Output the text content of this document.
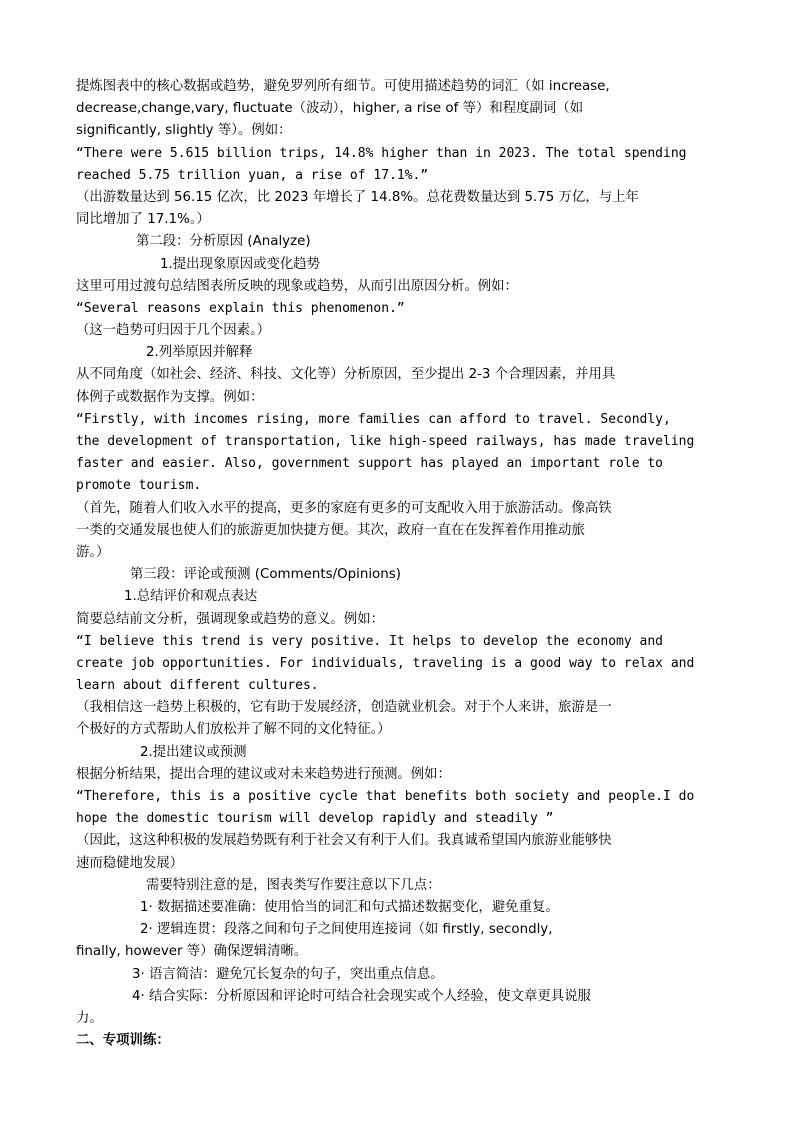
提炼图表中的核心数据或趋势，避免罗列所有细节。可使用描述趋势的词汇（如 increase,
decrease,change,vary, fluctuate（波动），higher, a rise of 等）和程度副词（如
significantly, slightly 等）。例如：
“There were 5.615 billion trips, 14.8% higher than in 2023. The total spending
reached 5.75 trillion yuan, a rise of 17.1%.”
（出游数量达到 56.15 亿次，比 2023 年增长了 14.8%。总花费数量达到 5.75 万亿，与上年
同比增加了 17.1%。）
第二段：分析原因 (Analyze)
1.提出现象原因或变化趋势
这里可用过渡句总结图表所反映的现象或趋势，从而引出原因分析。例如：
“Several reasons explain this phenomenon.”
（这一趋势可归因于几个因素。）
2.列举原因并解释
从不同角度（如社会、经济、科技、文化等）分析原因，至少提出 2-3 个合理因素，并用具
体例子或数据作为支撑。例如：
“Firstly, with incomes rising, more families can afford to travel. Secondly,
the development of transportation, like high-speed railways, has made traveling
faster and easier. Also, government support has played an important role to
promote tourism.
（首先，随着人们收入水平的提高，更多的家庭有更多的可支配收入用于旅游活动。像高铁
一类的交通发展也使人们的旅游更加快捷方便。其次，政府一直在在发挥着作用推动旅
游。）
第三段：评论或预测 (Comments/Opinions)
1.总结评价和观点表达
简要总结前文分析，强调现象或趋势的意义。例如：
“I believe this trend is very positive. It helps to develop the economy and
create job opportunities. For individuals, traveling is a good way to relax and
learn about different cultures.
（我相信这一趋势上积极的，它有助于发展经济，创造就业机会。对于个人来讲，旅游是一
个极好的方式帮助人们放松并了解不同的文化特征。）
2.提出建议或预测
根据分析结果，提出合理的建议或对未来趋势进行预测。例如：
“Therefore, this is a positive cycle that benefits both society and people.I do
hope the domestic tourism will develop rapidly and steadily ”
（因此，这这种积极的发展趋势既有利于社会又有利于人们。我真诚希望国内旅游业能够快
速而稳健地发展）
需要特别注意的是，图表类写作要注意以下几点：
1· 数据描述要准确：使用恰当的词汇和句式描述数据变化，避免重复。
2· 逻辑连贯：段落之间和句子之间使用连接词（如 firstly, secondly,
finally, however 等）确保逻辑清晰。
3· 语言简洁：避免冗长复杂的句子，突出重点信息。
4· 结合实际：分析原因和评论时可结合社会现实或个人经验，使文章更具说服
力。
二、专项训练：
